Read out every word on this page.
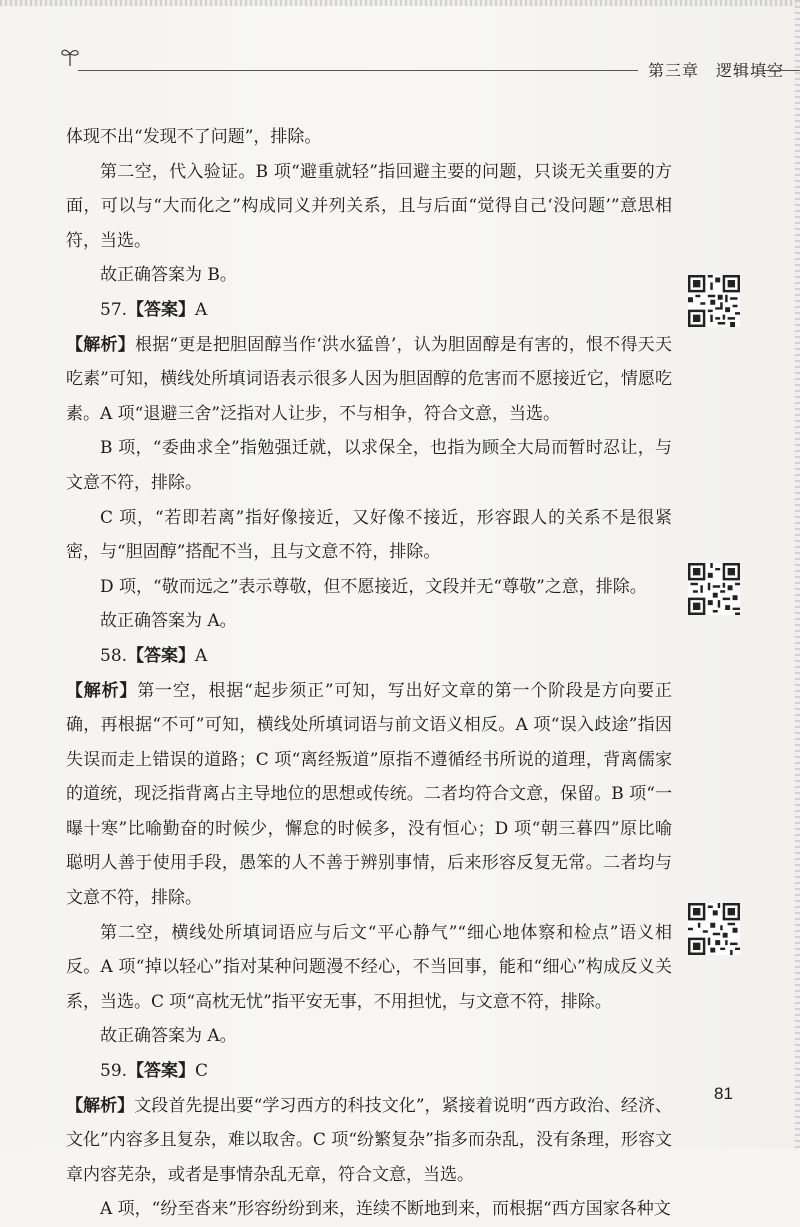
第三章　逻辑填空

体现不出“发现不了问题”，排除。

第二空，代入验证。B 项“避重就轻”指回避主要的问题，只谈无关重要的方面，可以与“大而化之”构成同义并列关系，且与后面“觉得自己‘没问题’”意思相符，当选。

故正确答案为 B。

57.【答案】A

【解析】根据“更是把胆固醇当作‘洪水猛兽’，认为胆固醇是有害的，恨不得天天吃素”可知，横线处所填词语表示很多人因为胆固醇的危害而不愿接近它，情愿吃素。A 项“退避三舍”泛指对人让步，不与相争，符合文意，当选。

B 项，“委曲求全”指勉强迁就，以求保全，也指为顾全大局而暂时忍让，与文意不符，排除。

C 项，“若即若离”指好像接近，又好像不接近，形容跟人的关系不是很紧密，与“胆固醇”搭配不当，且与文意不符，排除。

D 项，“敬而远之”表示尊敬，但不愿接近，文段并无“尊敬”之意，排除。

故正确答案为 A。

58.【答案】A

【解析】第一空，根据“起步须正”可知，写出好文章的第一个阶段是方向要正确，再根据“不可”可知，横线处所填词语与前文语义相反。A 项“误入歧途”指因失误而走上错误的道路；C 项“离经叛道”原指不遵循经书所说的道理，背离儒家的道统，现泛指背离占主导地位的思想或传统。二者均符合文意，保留。B 项“一曝十寒”比喻勤奋的时候少，懈怠的时候多，没有恒心；D 项“朝三暮四”原比喻聪明人善于使用手段，愚笨的人不善于辨别事情，后来形容反复无常。二者均与文意不符，排除。

第二空，横线处所填词语应与后文“平心静气”“细心地体察和检点”语义相反。A 项“掉以轻心”指对某种问题漫不经心，不当回事，能和“细心”构成反义关系，当选。C 项“高枕无忧”指平安无事，不用担忧，与文意不符，排除。

故正确答案为 A。

59.【答案】C

【解析】文段首先提出要“学习西方的科技文化”，紧接着说明“西方政治、经济、文化”内容多且复杂，难以取舍。C 项“纷繁复杂”指多而杂乱，没有条理，形容文章内容芜杂，或者是事情杂乱无章，符合文意，当选。

A 项，“纷至沓来”形容纷纷到来，连续不断地到来，而根据“西方国家各种文

81
